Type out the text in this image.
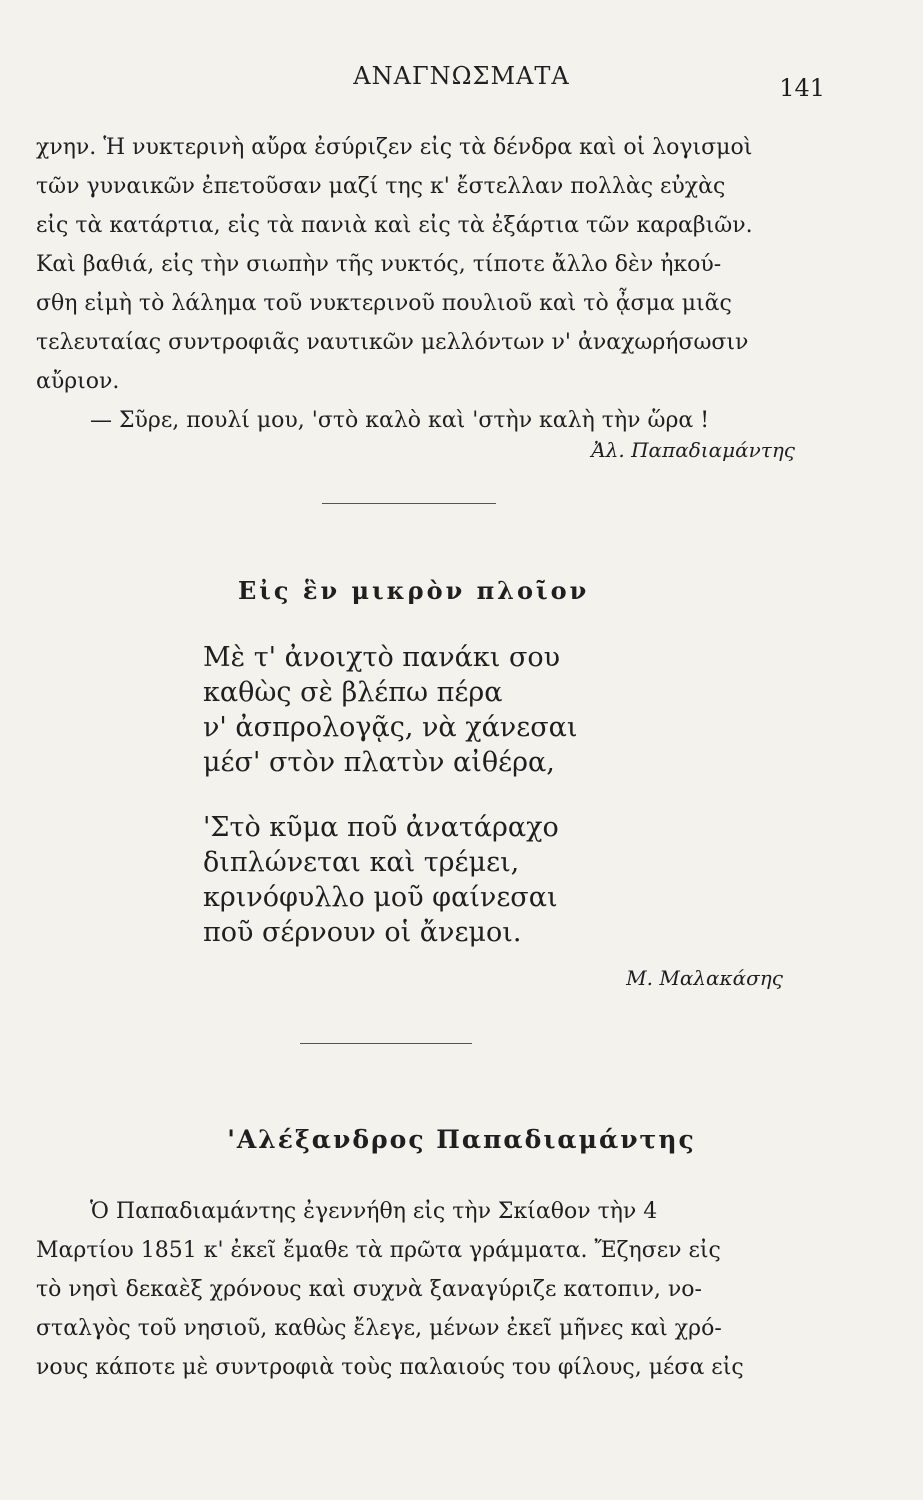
ΑΝΑΓΝΩΣΜΑΤΑ	141
χνην. Ἡ νυκτερινὴ αὔρα ἐσύριζεν εἰς τὰ δένδρα καὶ οἱ λογισμοὶ
τῶν γυναικῶν ἐπετοῦσαν μαζί της κ' ἔστελλαν πολλὰς εὐχὰς
εἰς τὰ κατάρτια, εἰς τὰ πανιὰ καὶ εἰς τὰ ἐξάρτια τῶν καραβιῶν.
Καὶ βαθιά, εἰς τὴν σιωπὴν τῆς νυκτός, τίποτε ἄλλο δὲν ἠκού-
σθη εἰμὴ τὸ λάλημα τοῦ νυκτερινοῦ πουλιοῦ καὶ τὸ ᾆσμα μιᾶς
τελευταίας συντροφιᾶς ναυτικῶν μελλόντων ν' ἀναχωρήσωσιν
αὔριον.
— Σῦρε, πουλί μου, 'στὸ καλὸ καὶ 'στὴν καλὴ τὴν ὥρα !
Ἀλ. Παπαδιαμάντης
Εἰς ἓν μικρὸν πλοῖον
Μὲ τ' ἀνοιχτὸ πανάκι σου
καθὼς σὲ βλέπω πέρα
ν' ἀσπρολογᾷς, νὰ χάνεσαι
μέσ' στὸν πλατὺν αἰθέρα,
'Στὸ κῦμα ποῦ ἀνατάραχο
διπλώνεται καὶ τρέμει,
κρινόφυλλο μοῦ φαίνεσαι
ποῦ σέρνουν οἱ ἄνεμοι.
Μ. Μαλακάσης
'Αλέξανδρος Παπαδιαμάντης
Ὁ Παπαδιαμάντης ἐγεννήθη εἰς τὴν Σκίαθον τὴν 4
Μαρτίου 1851 κ' ἐκεῖ ἔμαθε τὰ πρῶτα γράμματα. Ἔζησεν εἰς
τὸ νησὶ δεκαὲξ χρόνους καὶ συχνὰ ξαναγύριζε κατοπιν, νο-
σταλγὸς τοῦ νησιοῦ, καθὼς ἔλεγε, μένων ἐκεῖ μῆνες καὶ χρό-
νους κάποτε μὲ συντροφιὰ τοὺς παλαιούς του φίλους, μέσα εἰς
